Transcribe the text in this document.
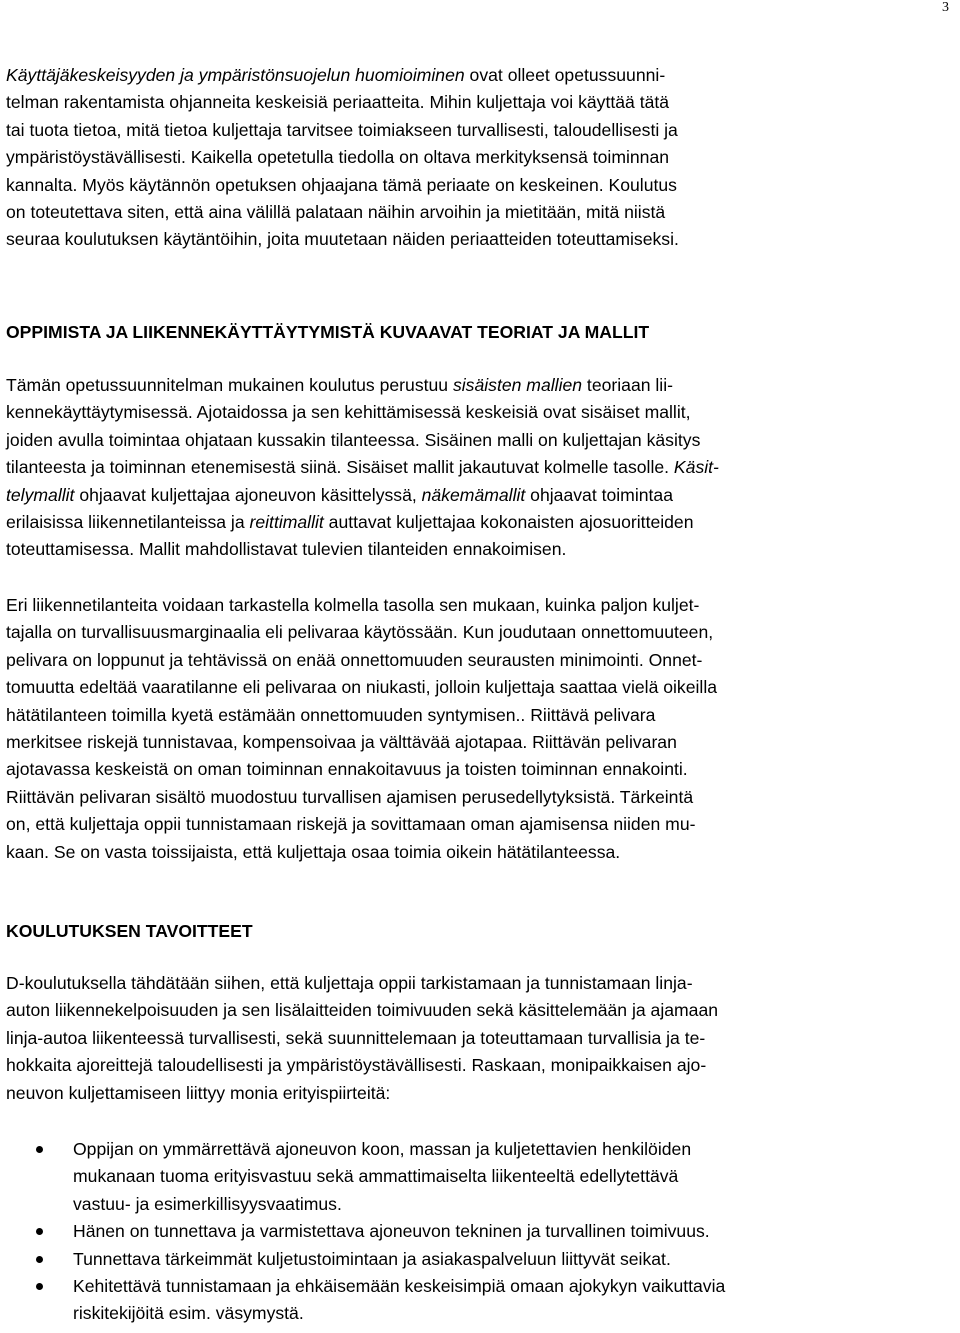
3
Käyttäjäkeskeisyyden ja ympäristönsuojelun huomioiminen ovat olleet opetussuunni-
telman rakentamista ohjanneita keskeisiä periaatteita. Mihin kuljettaja voi käyttää tätä
tai tuota tietoa, mitä tietoa kuljettaja tarvitsee toimiakseen turvallisesti, taloudellisesti ja
ympäristöystävällisesti. Kaikella opetetulla tiedolla on oltava merkityksensä toiminnan
kannalta. Myös käytännön opetuksen ohjaajana tämä periaate on keskeinen. Koulutus
on toteutettava siten, että aina välillä palataan näihin arvoihin ja mietitään, mitä niistä
seuraa koulutuksen käytäntöihin, joita muutetaan näiden periaatteiden toteuttamiseksi.
OPPIMISTA JA LIIKENNEKÄYTTÄYTYMISTÄ KUVAAVAT TEORIAT JA MALLIT
Tämän opetussuunnitelman mukainen koulutus perustuu sisäisten mallien teoriaan lii-
kennekäyttäytymisessä. Ajotaidossa ja sen kehittämisessä keskeisiä ovat sisäiset mallit,
joiden avulla toimintaa ohjataan kussakin tilanteessa. Sisäinen malli on kuljettajan käsitys
tilanteesta ja toiminnan etenemisestä siinä. Sisäiset mallit jakautuvat kolmelle tasolle. Käsit-
telymallit ohjaavat kuljettajaa ajoneuvon käsittelyssä, näkemämallit ohjaavat toimintaa
erilaisissa liikennetilanteissa ja reittimallit auttavat kuljettajaa kokonaisten ajosuoritteiden
toteuttamisessa. Mallit mahdollistavat tulevien tilanteiden ennakoimisen.
Eri liikennetilanteita voidaan tarkastella kolmella tasolla sen mukaan, kuinka paljon kuljet-
tajalla on turvallisuusmarginaalia eli pelivaraa käytössään. Kun joudutaan onnettomuuteen,
pelivara on loppunut ja tehtävissä on enää onnettomuuden seurausten minimointi. Onnet-
tomuutta edeltää vaaratilanne eli pelivaraa on niukasti, jolloin kuljettaja saattaa vielä oikeilla
hätätilanteen toimilla kyetä estämään onnettomuuden syntymisen.. Riittävä pelivara
merkitsee riskejä tunnistavaa, kompensoivaa ja välttävää ajotapaa. Riittävän pelivaran
ajotavassa keskeistä on oman toiminnan ennakoitavuus ja toisten toiminnan ennakointi.
Riittävän pelivaran sisältö muodostuu turvallisen ajamisen perusedellytyksistä. Tärkeintä
on, että kuljettaja oppii tunnistamaan riskejä ja sovittamaan oman ajamisensa niiden mu-
kaan. Se on vasta toissijaista, että kuljettaja osaa toimia oikein hätätilanteessa.
KOULUTUKSEN TAVOITTEET
D-koulutuksella tähdätään siihen, että kuljettaja oppii tarkistamaan ja tunnistamaan linja-
auton liikennekelpoisuuden ja sen lisälaitteiden toimivuuden sekä käsittelemään ja ajamaan
linja-autoa liikenteessä turvallisesti, sekä suunnittelemaan ja toteuttamaan turvallisia ja te-
hokkaita ajoreittejä taloudellisesti ja ympäristöystävällisesti. Raskaan, monipaikkaisen ajo-
neuvon kuljettamiseen liittyy monia erityispiirteitä:
Oppijan on ymmärrettävä ajoneuvon koon, massan ja kuljetettavien henkilöiden
mukanaan tuoma erityisvastuu sekä ammattimaiselta liikenteeltä edellytettävä
vastuu- ja esimerkillisyysvaatimus.
Hänen on tunnettava ja varmistettava ajoneuvon tekninen ja turvallinen toimivuus.
Tunnettava tärkeimmät kuljetustoimintaan ja asiakaspalveluun liittyvät seikat.
Kehitettävä tunnistamaan ja ehkäisemään keskeisimpiä omaan ajokykyn vaikuttavia
riskitekijöitä esim. väsymystä.
